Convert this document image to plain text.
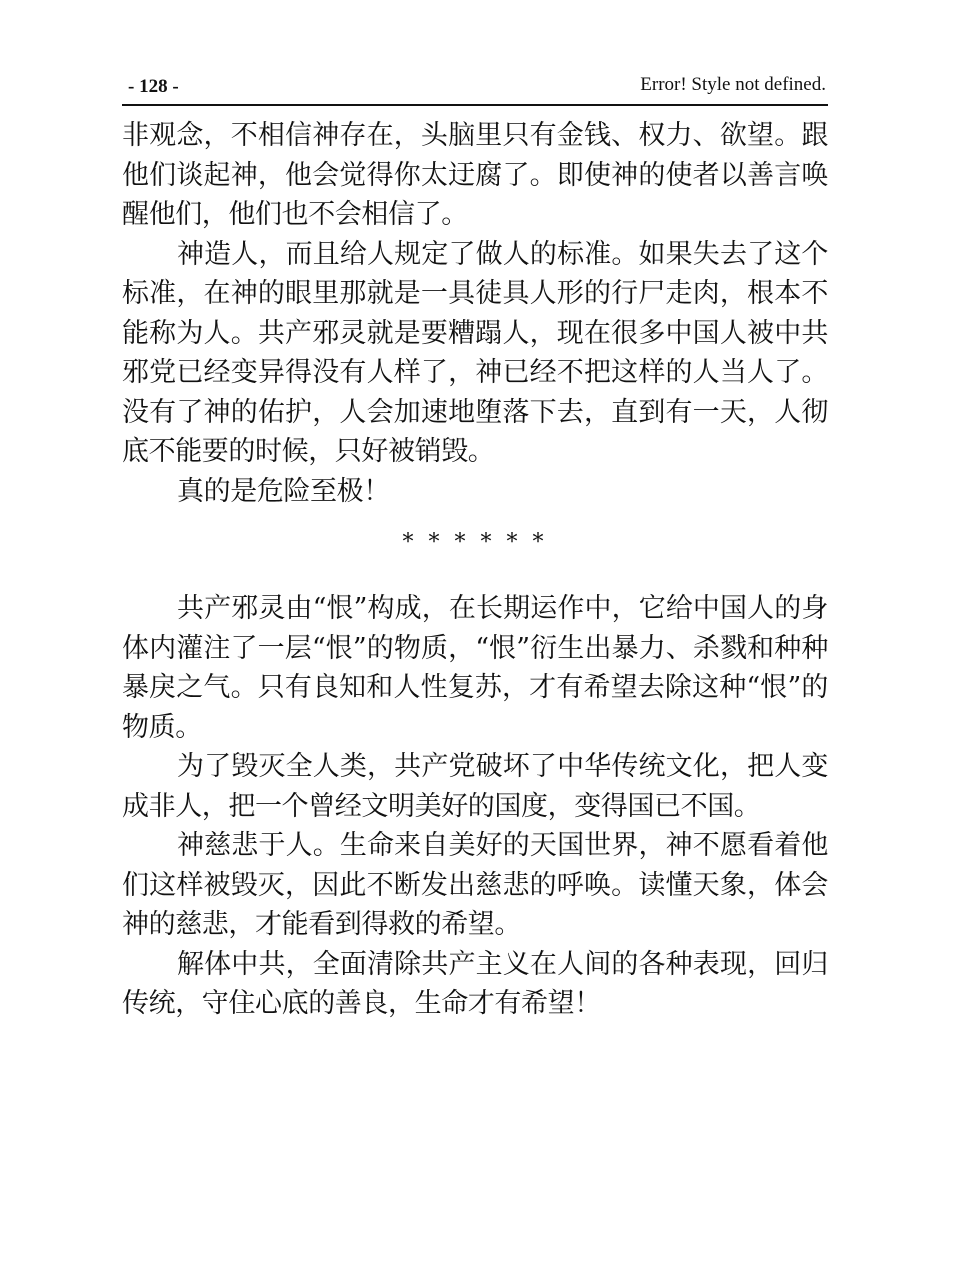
- 128 -	Error! Style not defined.

非观念，不相信神存在，头脑里只有金钱、权力、欲望。跟他们谈起神，他会觉得你太迂腐了。即使神的使者以善言唤醒他们，他们也不会相信了。

神造人，而且给人规定了做人的标准。如果失去了这个标准，在神的眼里那就是一具徒具人形的行尸走肉，根本不能称为人。共产邪灵就是要糟蹋人，现在很多中国人被中共邪党已经变异得没有人样了，神已经不把这样的人当人了。没有了神的佑护，人会加速地堕落下去，直到有一天，人彻底不能要的时候，只好被销毁。

真的是危险至极！

* * * * * *

共产邪灵由“恨”构成，在长期运作中，它给中国人的身体内灌注了一层“恨”的物质，“恨”衍生出暴力、杀戮和种种暴戾之气。只有良知和人性复苏，才有希望去除这种“恨”的物质。

为了毁灭全人类，共产党破坏了中华传统文化，把人变成非人，把一个曾经文明美好的国度，变得国已不国。

神慈悲于人。生命来自美好的天国世界，神不愿看着他们这样被毁灭，因此不断发出慈悲的呼唤。读懂天象，体会神的慈悲，才能看到得救的希望。

解体中共，全面清除共产主义在人间的各种表现，回归传统，守住心底的善良，生命才有希望！
